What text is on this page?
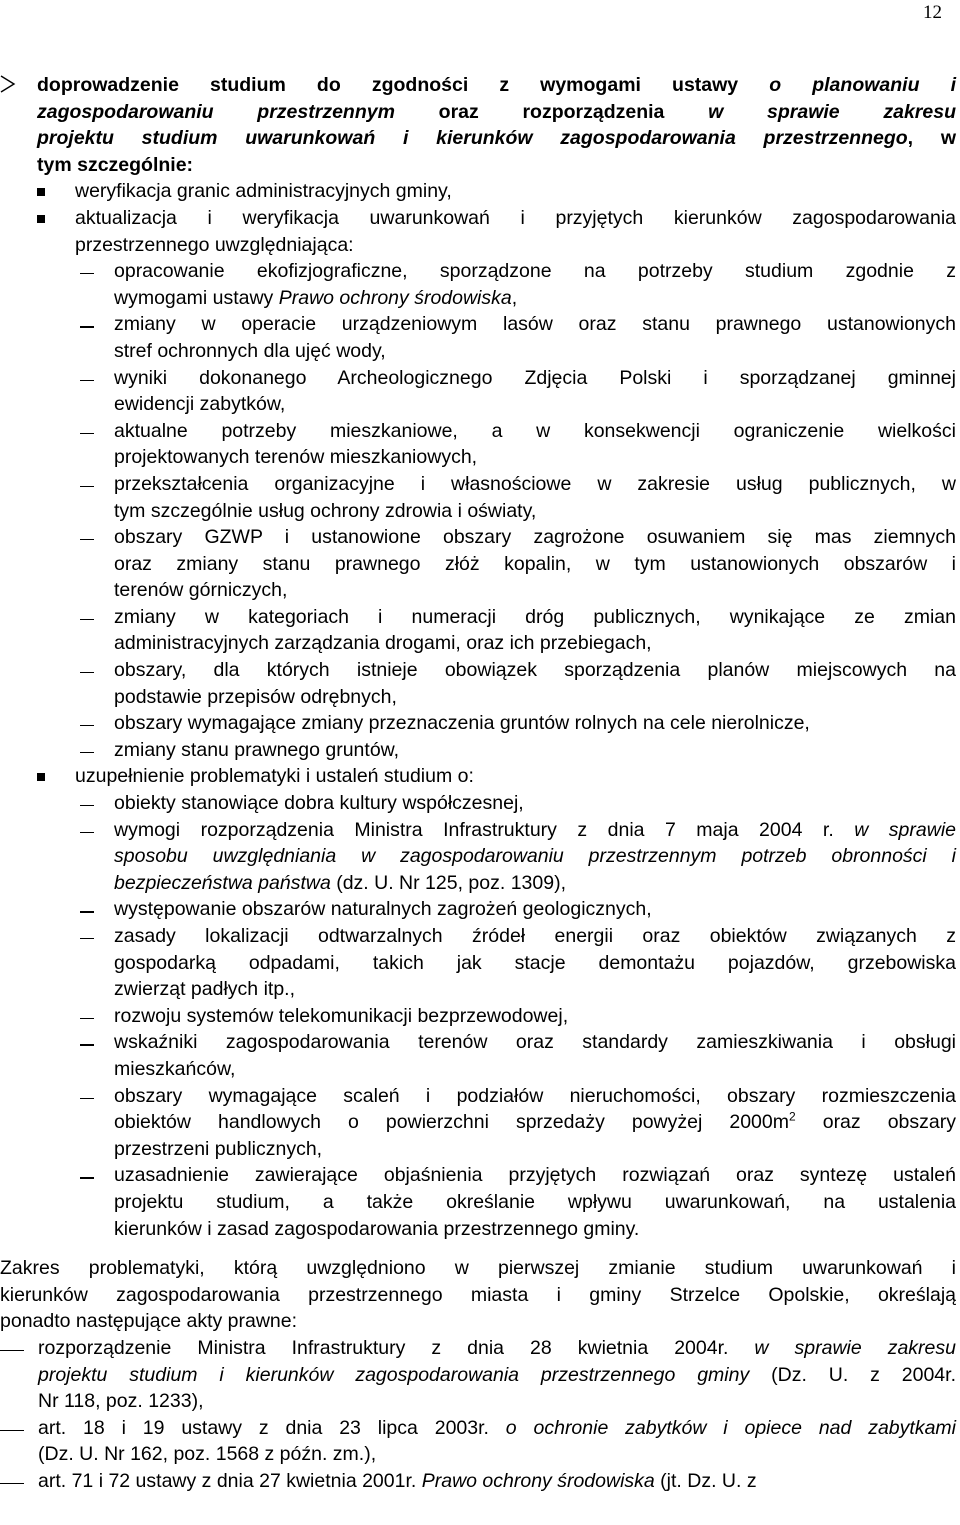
12
doprowadzenie studium do zgodności z wymogami ustawy o planowaniu i
zagospodarowaniu przestrzennym oraz rozporządzenia w sprawie zakresu
projektu studium uwarunkowań i kierunków zagospodarowania przestrzennego, w
tym szczególnie:
weryfikacja granic administracyjnych gminy,
aktualizacja i weryfikacja uwarunkowań i przyjętych kierunków zagospodarowania
przestrzennego uwzględniająca:
opracowanie ekofizjograficzne, sporządzone na potrzeby studium zgodnie z
wymogami ustawy Prawo ochrony środowiska,
zmiany w operacie urządzeniowym lasów oraz stanu prawnego ustanowionych
stref ochronnych dla ujęć wody,
wyniki dokonanego Archeologicznego Zdjęcia Polski i sporządzanej gminnej
ewidencji zabytków,
aktualne potrzeby mieszkaniowe, a w konsekwencji ograniczenie wielkości
projektowanych terenów mieszkaniowych,
przekształcenia organizacyjne i własnościowe w zakresie usług publicznych, w
tym szczególnie usług ochrony zdrowia i oświaty,
obszary GZWP i ustanowione obszary zagrożone osuwaniem się mas ziemnych
oraz zmiany stanu prawnego złóż kopalin, w tym ustanowionych obszarów i
terenów górniczych,
zmiany w kategoriach i numeracji dróg publicznych, wynikające ze zmian
administracyjnych zarządzania drogami, oraz ich przebiegach,
obszary, dla których istnieje obowiązek sporządzenia planów miejscowych na
podstawie przepisów odrębnych,
obszary wymagające zmiany przeznaczenia gruntów rolnych na cele nierolnicze,
zmiany stanu prawnego gruntów,
uzupełnienie problematyki i ustaleń studium o:
obiekty stanowiące dobra kultury współczesnej,
wymogi rozporządzenia Ministra Infrastruktury z dnia 7 maja 2004 r. w sprawie
sposobu uwzględniania w zagospodarowaniu przestrzennym potrzeb obronności i
bezpieczeństwa państwa (dz. U. Nr 125, poz. 1309),
występowanie obszarów naturalnych zagrożeń geologicznych,
zasady lokalizacji odtwarzalnych źródeł energii oraz obiektów związanych z
gospodarką odpadami, takich jak stacje demontażu pojazdów, grzebowiska
zwierząt padłych itp.,
rozwoju systemów telekomunikacji bezprzewodowej,
wskaźniki zagospodarowania terenów oraz standardy zamieszkiwania i obsługi
mieszkańców,
obszary wymagające scaleń i podziałów nieruchomości, obszary rozmieszczenia
obiektów handlowych o powierzchni sprzedaży powyżej $2000m^2$ oraz obszary
przestrzeni publicznych,
uzasadnienie zawierające objaśnienia przyjętych rozwiązań oraz syntezę ustaleń
projektu studium, a także określanie wpływu uwarunkowań, na ustalenia
kierunków i zasad zagospodarowania przestrzennego gminy.
Zakres problematyki, którą uwzględniono w pierwszej zmianie studium uwarunkowań i
kierunków zagospodarowania przestrzennego miasta i gminy Strzelce Opolskie, określają
ponadto następujące akty prawne:
rozporządzenie Ministra Infrastruktury z dnia 28 kwietnia 2004r. w sprawie zakresu
projektu studium i kierunków zagospodarowania przestrzennego gminy (Dz. U. z 2004r.
Nr 118, poz. 1233),
art. 18 i 19 ustawy z dnia 23 lipca 2003r. o ochronie zabytków i opiece nad zabytkami
(Dz. U. Nr 162, poz. 1568 z późn. zm.),
art. 71 i 72 ustawy z dnia 27 kwietnia 2001r. Prawo ochrony środowiska (jt. Dz. U. z
